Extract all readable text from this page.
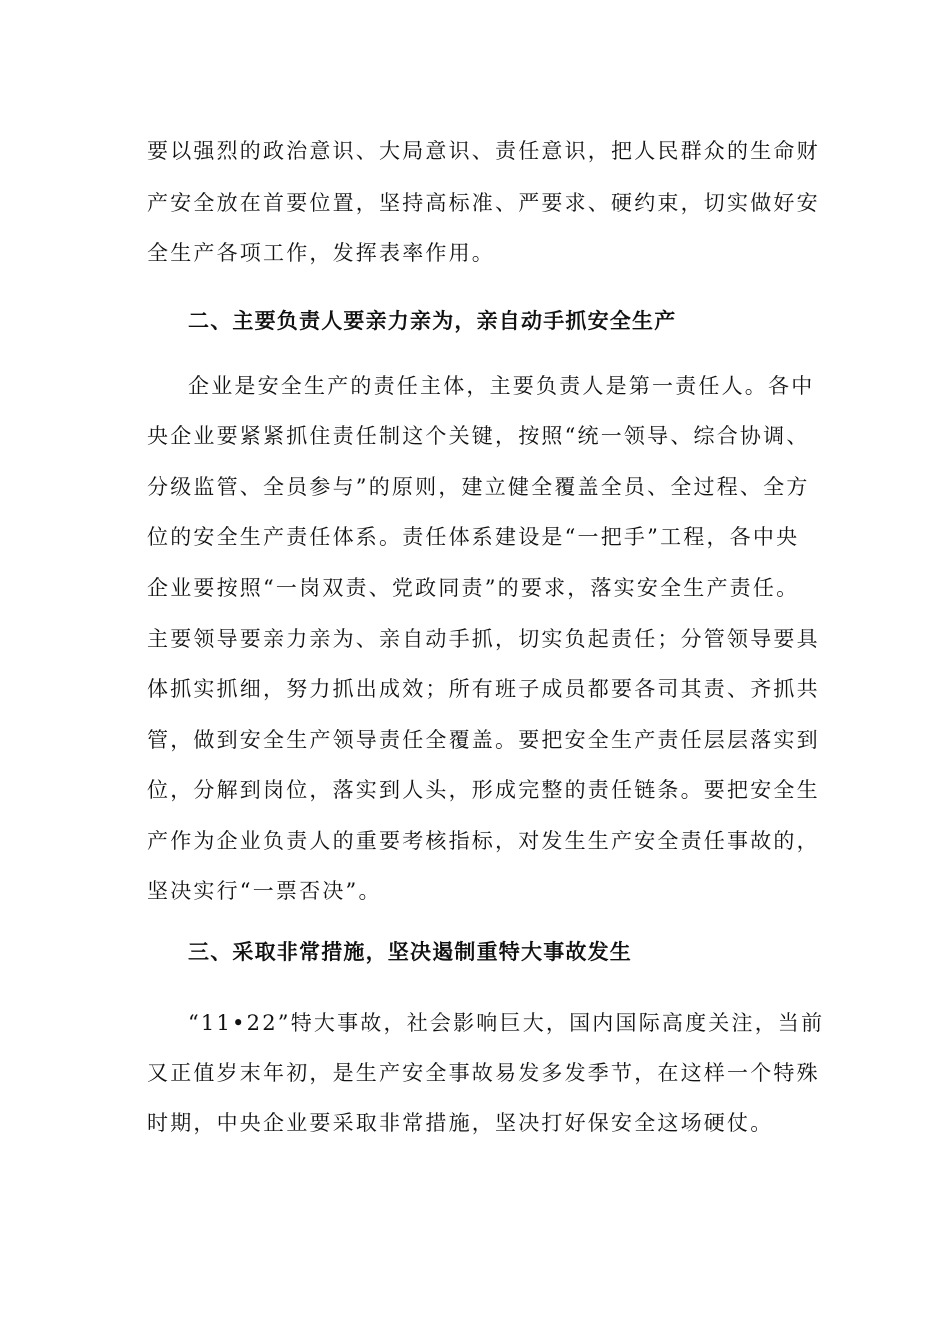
要以强烈的政治意识、大局意识、责任意识，把人民群众的生命财
产安全放在首要位置，坚持高标准、严要求、硬约束，切实做好安
全生产各项工作，发挥表率作用。
二、主要负责人要亲力亲为，亲自动手抓安全生产
企业是安全生产的责任主体，主要负责人是第一责任人。各中
央企业要紧紧抓住责任制这个关键，按照“统一领导、综合协调、
分级监管、全员参与”的原则，建立健全覆盖全员、全过程、全方
位的安全生产责任体系。责任体系建设是“一把手”工程，各中央
企业要按照“一岗双责、党政同责”的要求，落实安全生产责任。
主要领导要亲力亲为、亲自动手抓，切实负起责任；分管领导要具
体抓实抓细，努力抓出成效；所有班子成员都要各司其责、齐抓共
管，做到安全生产领导责任全覆盖。要把安全生产责任层层落实到
位，分解到岗位，落实到人头，形成完整的责任链条。要把安全生
产作为企业负责人的重要考核指标，对发生生产安全责任事故的，
坚决实行“一票否决”。
三、采取非常措施，坚决遏制重特大事故发生
“11•22”特大事故，社会影响巨大，国内国际高度关注，当前
又正值岁末年初，是生产安全事故易发多发季节，在这样一个特殊
时期，中央企业要采取非常措施，坚决打好保安全这场硬仗。
